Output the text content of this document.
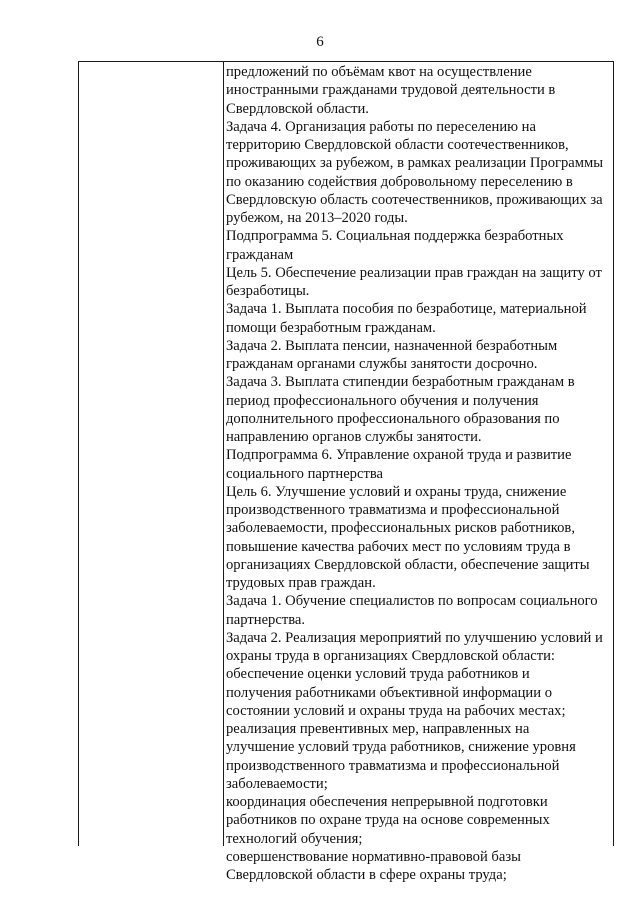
6
предложений по объёмам квот на осуществление
иностранными гражданами трудовой деятельности в
Свердловской области.
Задача 4. Организация работы по переселению на
территорию Свердловской области соотечественников,
проживающих за рубежом, в рамках реализации Программы
по оказанию содействия добровольному переселению в
Свердловскую область соотечественников, проживающих за
рубежом, на 2013–2020 годы.
Подпрограмма 5. Социальная поддержка безработных
гражданам
Цель 5. Обеспечение реализации прав граждан на защиту от
безработицы.
Задача 1. Выплата пособия по безработице, материальной
помощи безработным гражданам.
Задача 2. Выплата пенсии, назначенной безработным
гражданам органами службы занятости досрочно.
Задача 3. Выплата стипендии безработным гражданам в
период профессионального обучения и получения
дополнительного профессионального образования по
направлению органов службы занятости.
Подпрограмма 6. Управление охраной труда и развитие
социального партнерства
Цель 6. Улучшение условий и охраны труда, снижение
производственного травматизма и профессиональной
заболеваемости, профессиональных рисков работников,
повышение качества рабочих мест по условиям труда в
организациях Свердловской области, обеспечение защиты
трудовых прав граждан.
Задача 1. Обучение специалистов по вопросам социального
партнерства.
Задача 2. Реализация мероприятий по улучшению условий и
охраны труда в организациях Свердловской области:
обеспечение оценки условий труда работников и
получения работниками объективной информации о
состоянии условий и охраны труда на рабочих местах;
реализация превентивных мер, направленных на
улучшение условий труда работников, снижение уровня
производственного травматизма и профессиональной
заболеваемости;
координация обеспечения непрерывной подготовки
работников по охране труда на основе современных
технологий обучения;
совершенствование нормативно-правовой базы
Свердловской области в сфере охраны труда;
